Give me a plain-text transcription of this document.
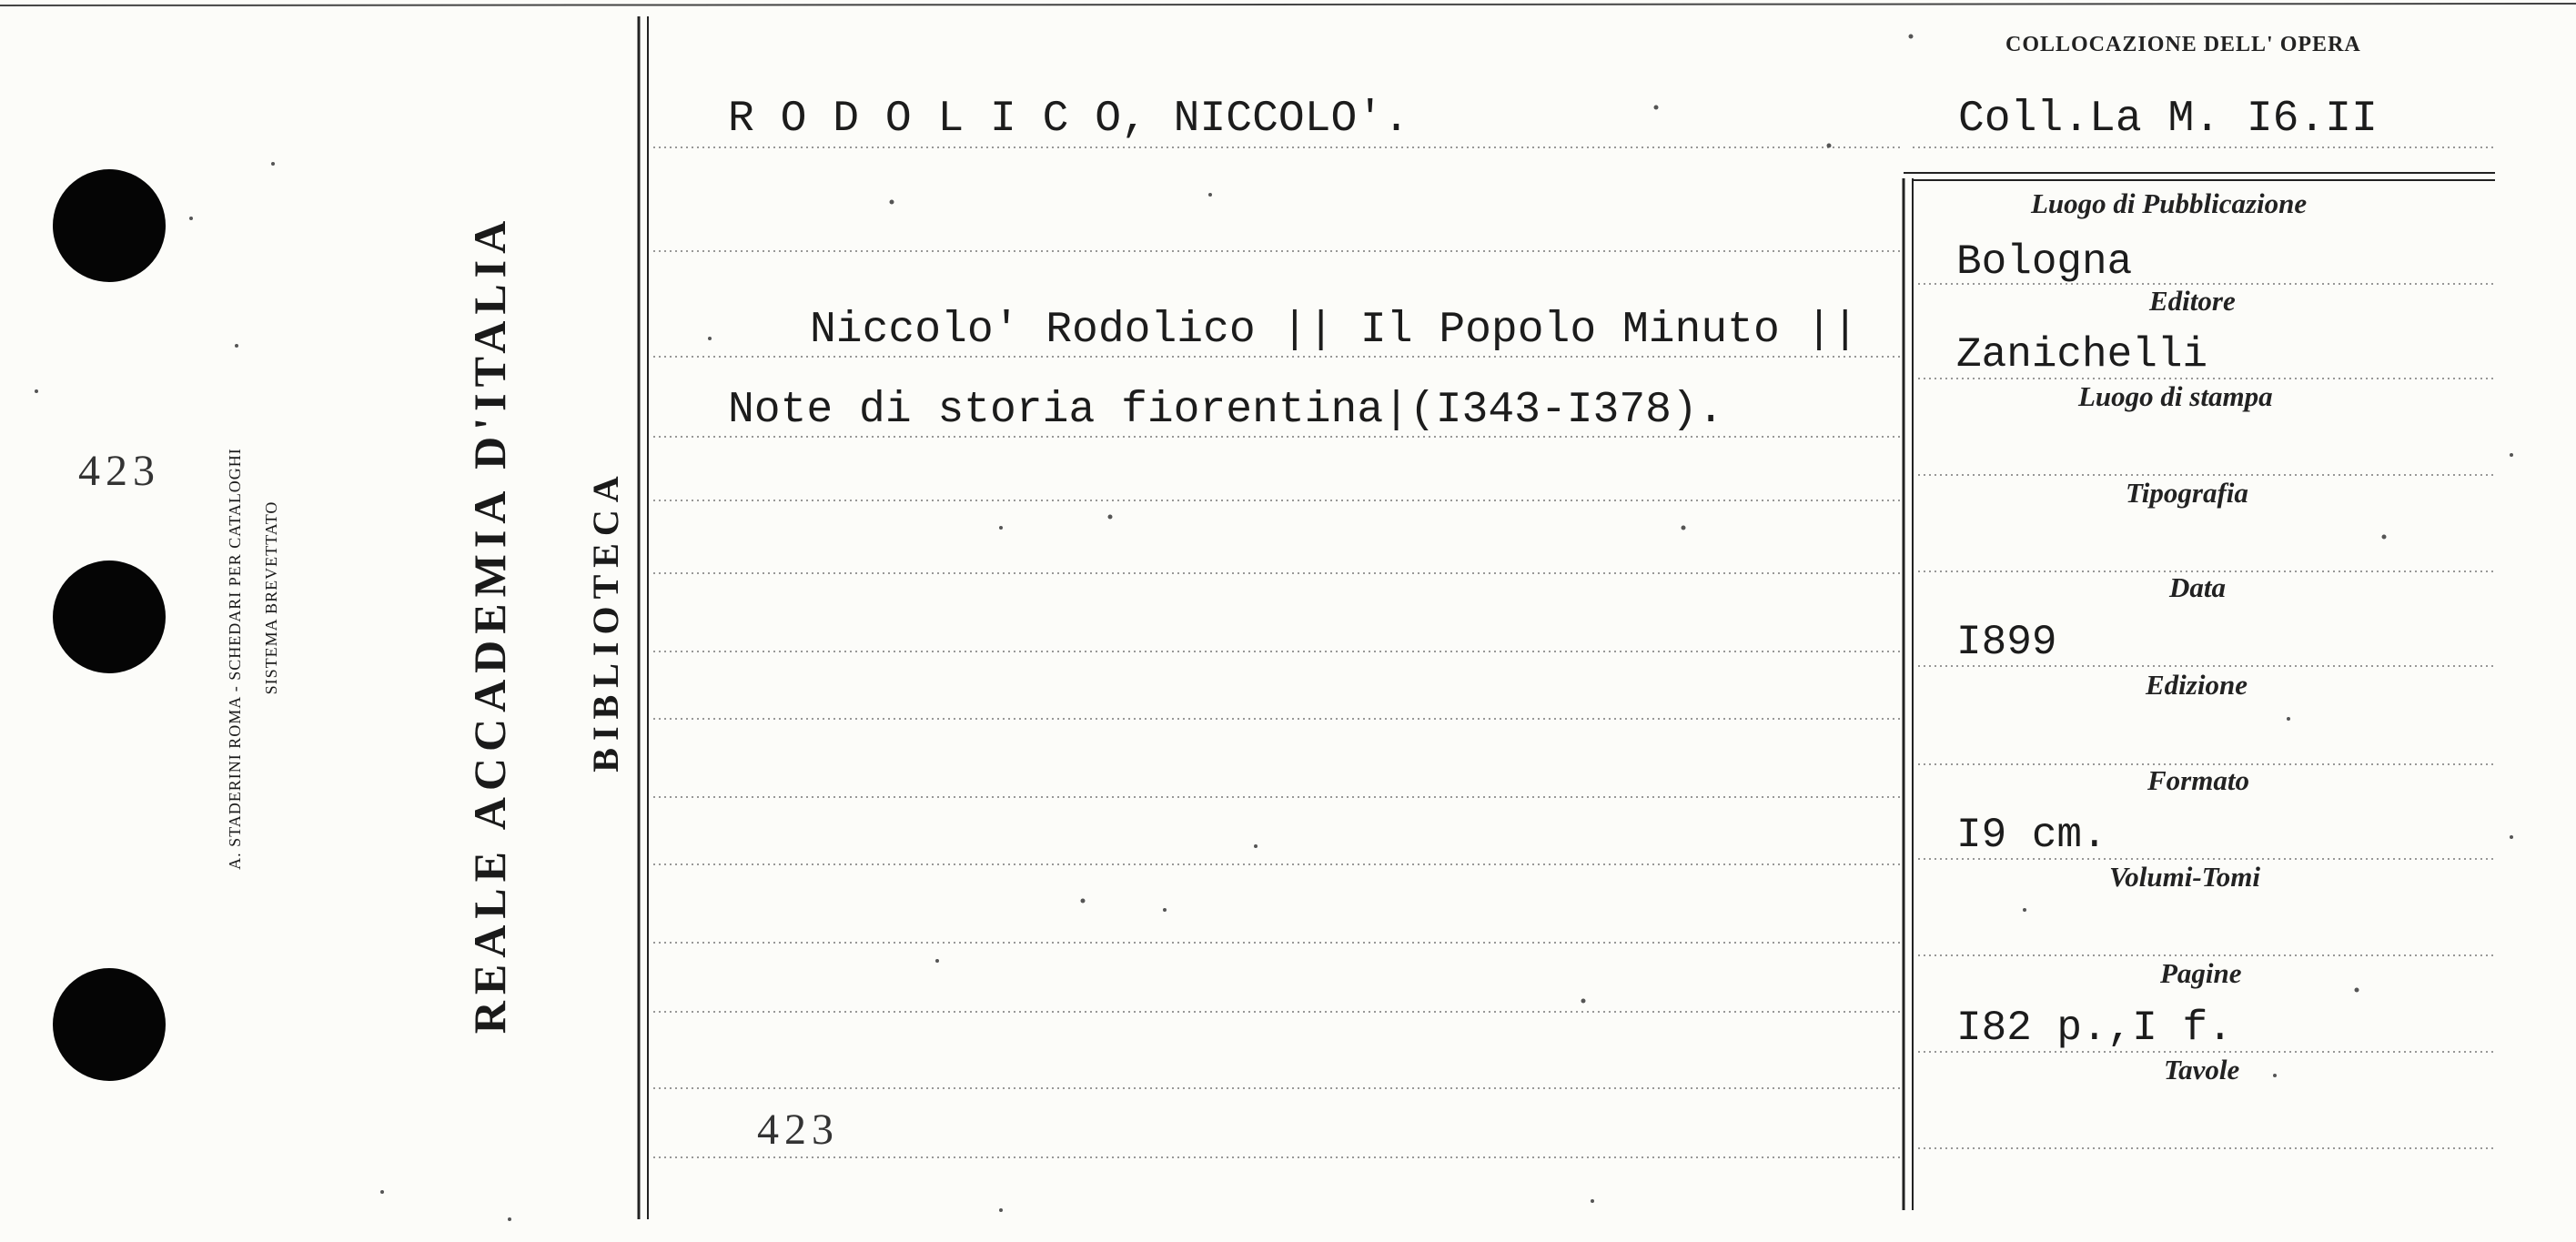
423	A. STADERINI ROMA - SCHEDARI PER CATALOGHI SISTEMA BREVETTATO	REALE ACCADEMIA D'ITALIA BIBLIOTECA
R O D O L I C O, NICCOLO'.
Niccolo' Rodolico || Il Popolo Minuto ||
Note di storia fiorentina|(I343-I378).
423
COLLOCAZIONE DELL' OPERA
Coll.La M. I6.II
Luogo di Pubblicazione
Bologna
Editore
Zanichelli
Luogo di stampa
Tipografia
Data
I899
Edizione
Formato
I9 cm.
Volumi-Tomi
Pagine
I82 p.,I f.
Tavole
